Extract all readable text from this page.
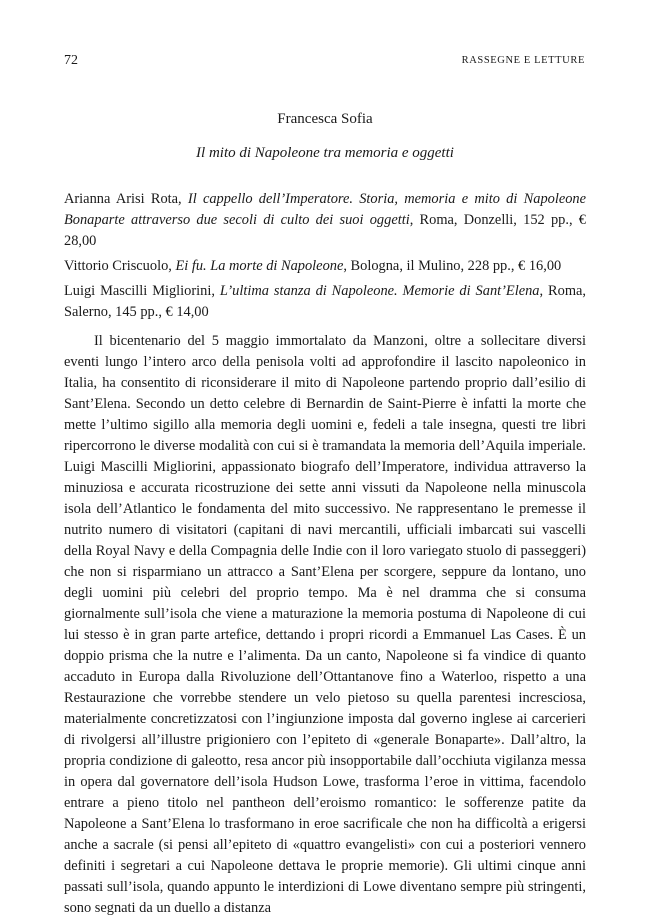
72	RASSEGNE E LETTURE
Francesca Sofia
Il mito di Napoleone tra memoria e oggetti
Arianna Arisi Rota, Il cappello dell’Imperatore. Storia, memoria e mito di Napoleone Bonaparte attraverso due secoli di culto dei suoi oggetti, Roma, Donzelli, 152 pp., € 28,00
Vittorio Criscuolo, Ei fu. La morte di Napoleone, Bologna, il Mulino, 228 pp., € 16,00
Luigi Mascilli Migliorini, L’ultima stanza di Napoleone. Memorie di Sant’Elena, Roma, Salerno, 145 pp., € 14,00

Il bicentenario del 5 maggio immortalato da Manzoni, oltre a sollecitare diversi eventi lungo l’intero arco della penisola volti ad approfondire il lascito napoleonico in Italia, ha consentito di riconsiderare il mito di Napoleone partendo proprio dall’esilio di Sant’Elena. Secondo un detto celebre di Bernardin de Saint-Pierre è infatti la morte che mette l’ultimo sigillo alla memoria degli uomini e, fedeli a tale insegna, questi tre libri ripercorrono le diverse modalità con cui si è tramandata la memoria dell’Aquila imperiale. Luigi Mascilli Migliorini, appassionato biografo dell’Imperatore, individua attraverso la minuziosa e accurata ricostruzione dei sette anni vissuti da Napoleone nella minuscola isola dell’Atlantico le fondamenta del mito successivo. Ne rappresentano le premesse il nutrito numero di visitatori (capitani di navi mercantili, ufficiali imbarcati sui vascelli della Royal Navy e della Compagnia delle Indie con il loro variegato stuolo di passeggeri) che non si risparmiano un attracco a Sant’Elena per scorgere, seppure da lontano, uno degli uomini più celebri del proprio tempo. Ma è nel dramma che si consuma giornalmente sull’isola che viene a maturazione la memoria postuma di Napoleone di cui lui stesso è in gran parte artefice, dettando i propri ricordi a Emmanuel Las Cases. È un doppio prisma che la nutre e l’alimenta. Da un canto, Napoleone si fa vindice di quanto accaduto in Europa dalla Rivoluzione dell’Ottantanove fino a Waterloo, rispetto a una Restaurazione che vorrebbe stendere un velo pietoso su quella parentesi incresciosa, materialmente concretizzatosi con l’ingiunzione imposta dal governo inglese ai carcerieri di rivolgersi all’illustre prigioniero con l’epiteto di «generale Bonaparte». Dall’altro, la propria condizione di galeotto, resa ancor più insopportabile dall’occhiuta vigilanza messa in opera dal governatore dell’isola Hudson Lowe, trasforma l’eroe in vittima, facendolo entrare a pieno titolo nel pantheon dell’eroismo romantico: le sofferenze patite da Napoleone a Sant’Elena lo trasformano in eroe sacrificale che non ha difficoltà a erigersi anche a sacrale (si pensi all’epiteto di «quattro evangelisti» con cui a posteriori vennero definiti i segretari a cui Napoleone dettava le proprie memorie). Gli ultimi cinque anni passati sull’isola, quando appunto le interdizioni di Lowe diventano sempre più stringenti, sono segnati da un duello a distanza
